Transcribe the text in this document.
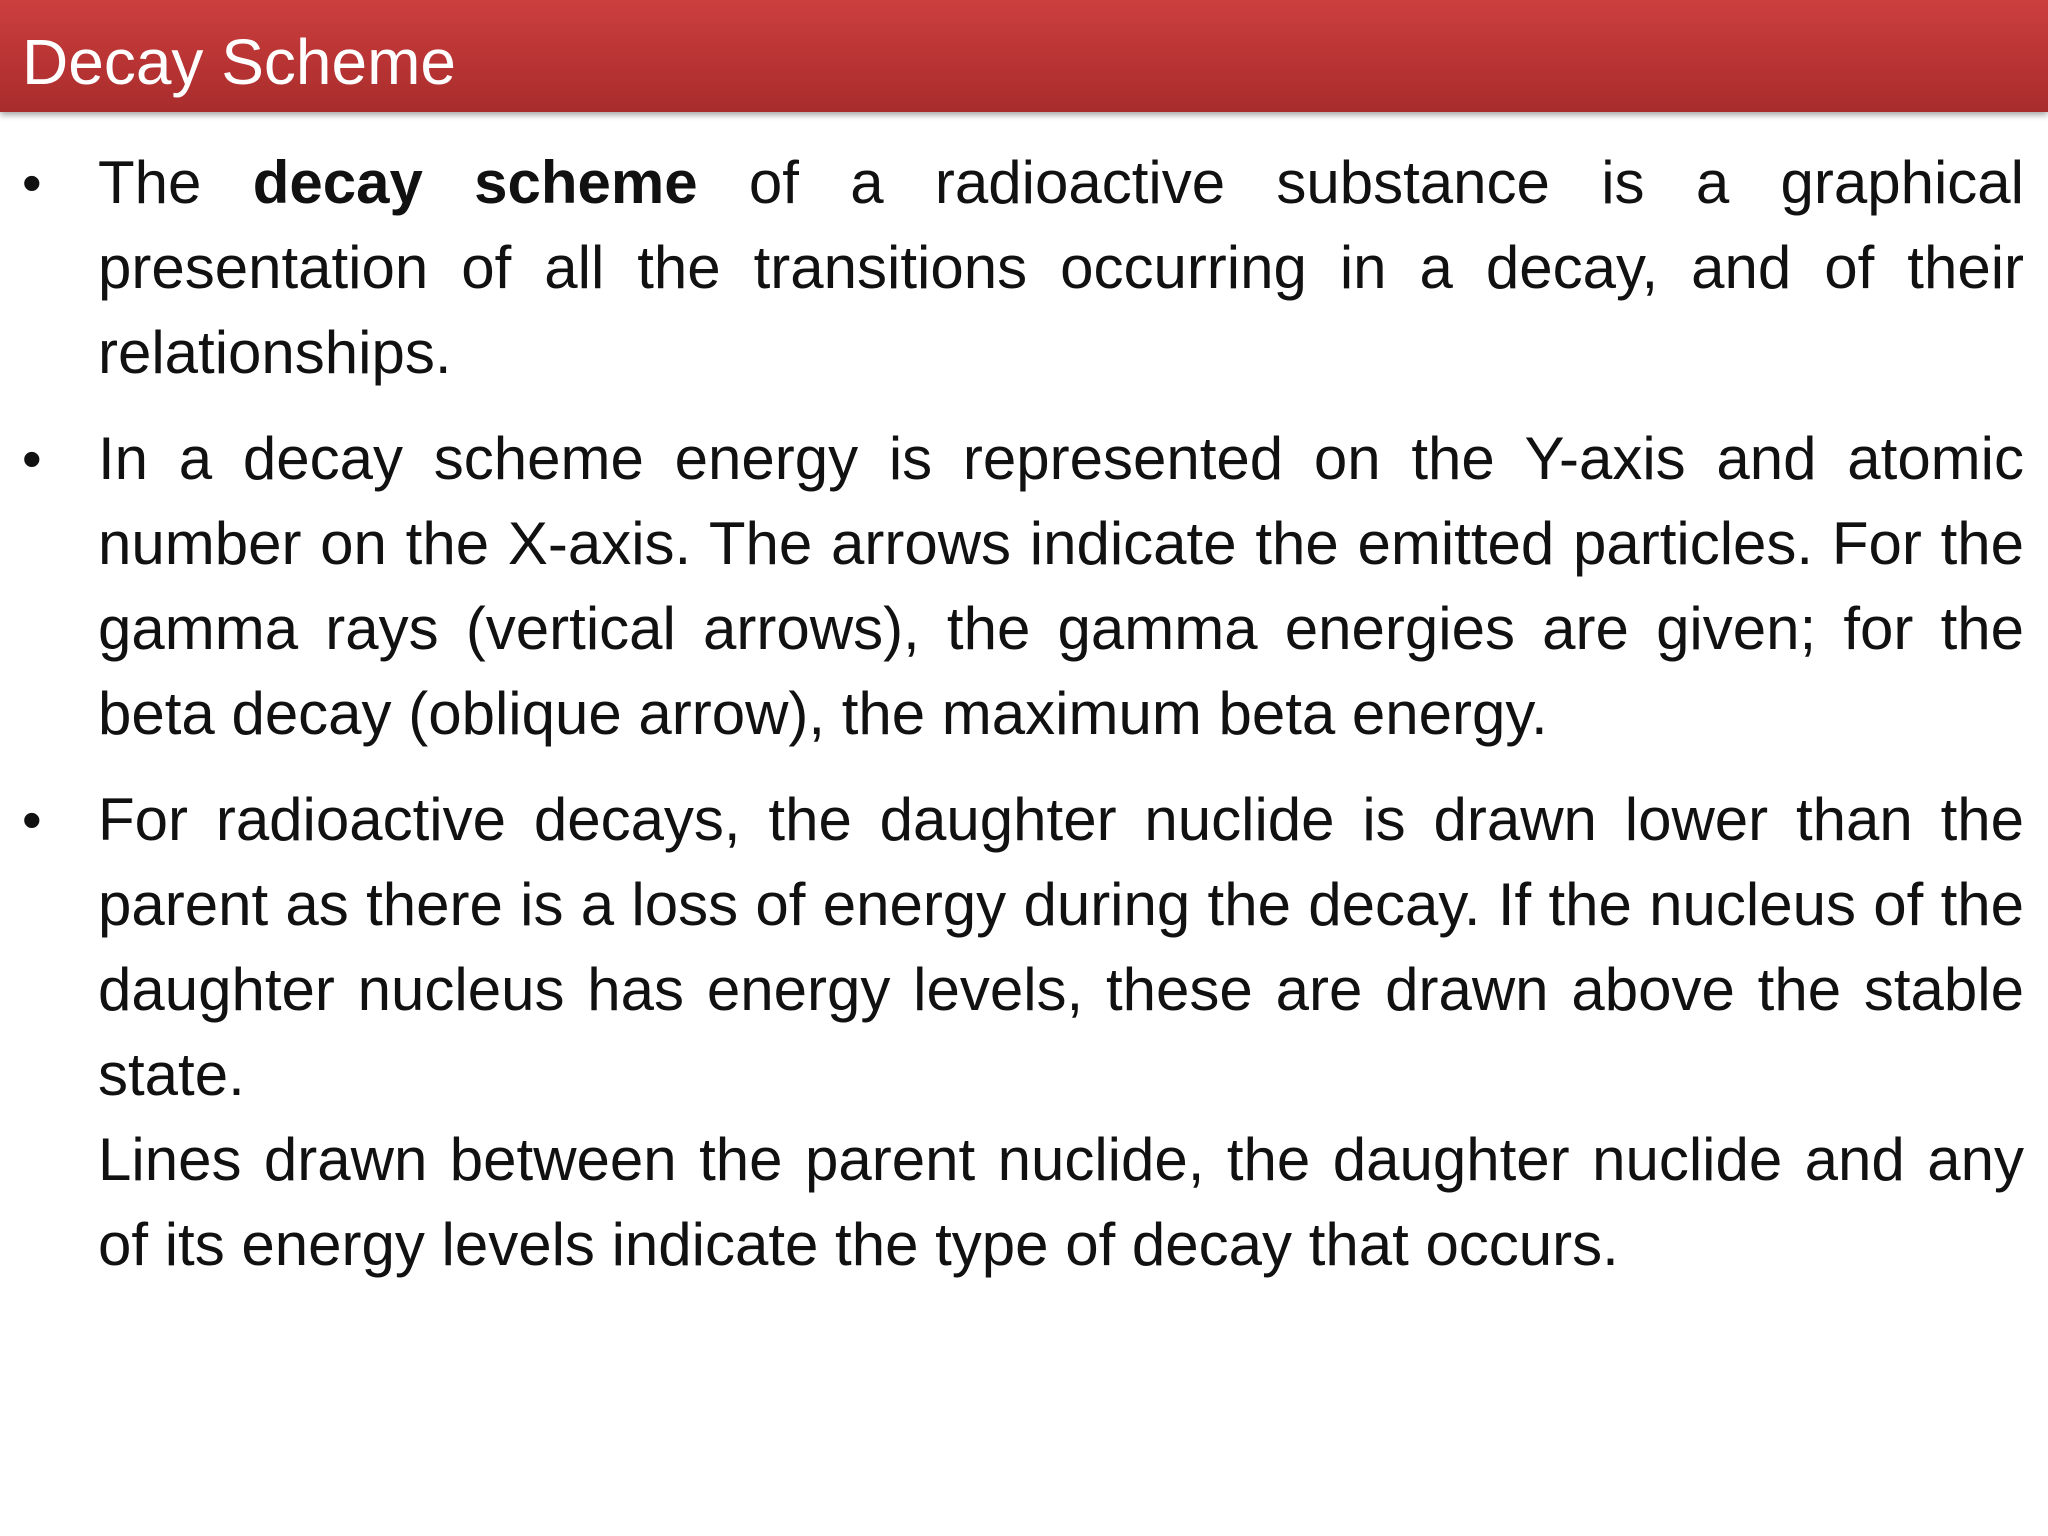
Decay Scheme
• The decay scheme of a radioactive substance is a graphical presentation of all the transitions occurring in a decay, and of their relationships.
• In a decay scheme energy is represented on the Y-axis and atomic number on the X-axis. The arrows indicate the emitted particles. For the gamma rays (vertical arrows), the gamma energies are given; for the beta decay (oblique arrow), the maximum beta energy.
• For radioactive decays, the daughter nuclide is drawn lower than the parent as there is a loss of energy during the decay. If the nucleus of the daughter nucleus has energy levels, these are drawn above the stable state.
Lines drawn between the parent nuclide, the daughter nuclide and any of its energy levels indicate the type of decay that occurs.
